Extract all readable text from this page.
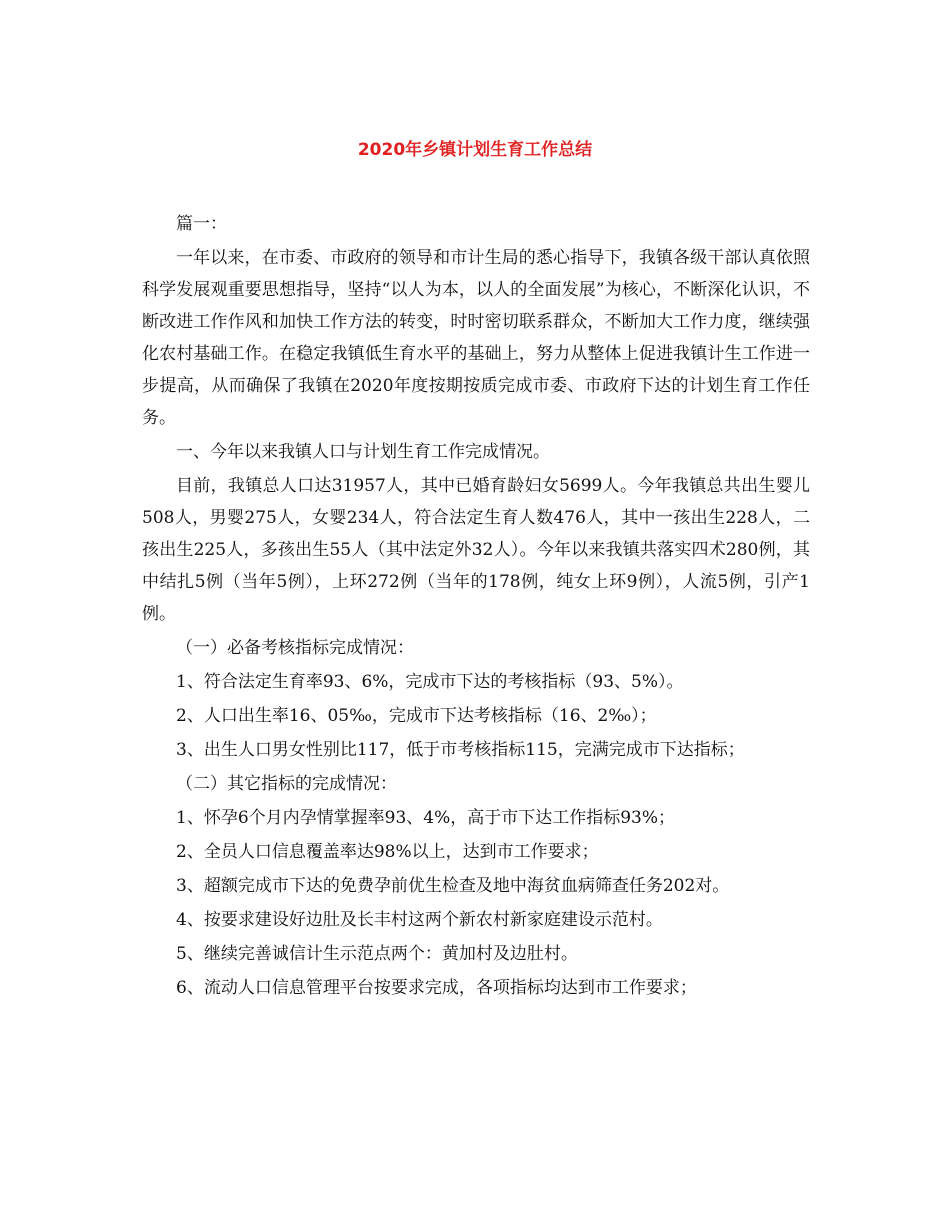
2020年乡镇计划生育工作总结

篇一：

一年以来，在市委、市政府的领导和市计生局的悉心指导下，我镇各级干部认真依照科学发展观重要思想指导，坚持“以人为本，以人的全面发展”为核心，不断深化认识，不断改进工作作风和加快工作方法的转变，时时密切联系群众，不断加大工作力度，继续强化农村基础工作。在稳定我镇低生育水平的基础上，努力从整体上促进我镇计生工作进一步提高，从而确保了我镇在2020年度按期按质完成市委、市政府下达的计划生育工作任务。

一、今年以来我镇人口与计划生育工作完成情况。

目前，我镇总人口达31957人，其中已婚育龄妇女5699人。今年我镇总共出生婴儿508人，男婴275人，女婴234人，符合法定生育人数476人，其中一孩出生228人，二孩出生225人，多孩出生55人（其中法定外32人）。今年以来我镇共落实四术280例，其中结扎5例（当年5例），上环272例（当年的178例，纯女上环9例），人流5例，引产1例。

（一）必备考核指标完成情况：

1、符合法定生育率93、6%，完成市下达的考核指标（93、5%）。

2、人口出生率16、05‰，完成市下达考核指标（16、2‰）；

3、出生人口男女性别比117，低于市考核指标115，完满完成市下达指标；

（二）其它指标的完成情况：

1、怀孕6个月内孕情掌握率93、4%，高于市下达工作指标93%；

2、全员人口信息覆盖率达98%以上，达到市工作要求；

3、超额完成市下达的免费孕前优生检查及地中海贫血病筛查任务202对。

4、按要求建设好边肚及长丰村这两个新农村新家庭建设示范村。

5、继续完善诚信计生示范点两个：黄加村及边肚村。

6、流动人口信息管理平台按要求完成，各项指标均达到市工作要求；
